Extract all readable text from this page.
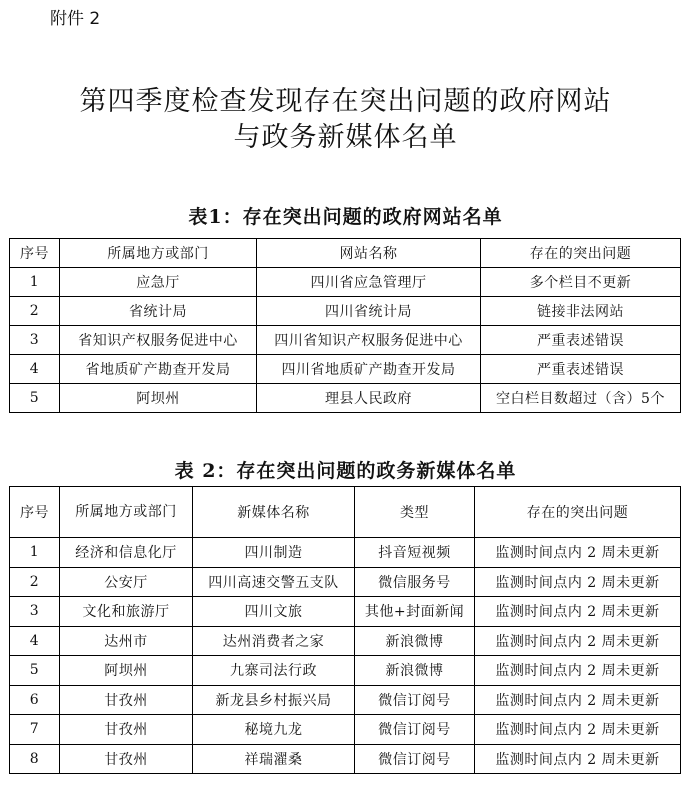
附件 2
第四季度检查发现存在突出问题的政府网站
与政务新媒体名单
表1：存在突出问题的政府网站名单
序号	所属地方或部门	网站名称	存在的突出问题
1	应急厅	四川省应急管理厅	多个栏目不更新
2	省统计局	四川省统计局	链接非法网站
3	省知识产权服务促进中心	四川省知识产权服务促进中心	严重表述错误
4	省地质矿产勘查开发局	四川省地质矿产勘查开发局	严重表述错误
5	阿坝州	理县人民政府	空白栏目数超过（含）5个
表 2：存在突出问题的政务新媒体名单
序号	所属地方或部门	新媒体名称	类型	存在的突出问题
1	经济和信息化厅	四川制造	抖音短视频	监测时间点内 2 周未更新
2	公安厅	四川高速交警五支队	微信服务号	监测时间点内 2 周未更新
3	文化和旅游厅	四川文旅	其他+封面新闻	监测时间点内 2 周未更新
4	达州市	达州消费者之家	新浪微博	监测时间点内 2 周未更新
5	阿坝州	九寨司法行政	新浪微博	监测时间点内 2 周未更新
6	甘孜州	新龙县乡村振兴局	微信订阅号	监测时间点内 2 周未更新
7	甘孜州	秘境九龙	微信订阅号	监测时间点内 2 周未更新
8	甘孜州	祥瑞濯桑	微信订阅号	监测时间点内 2 周未更新
